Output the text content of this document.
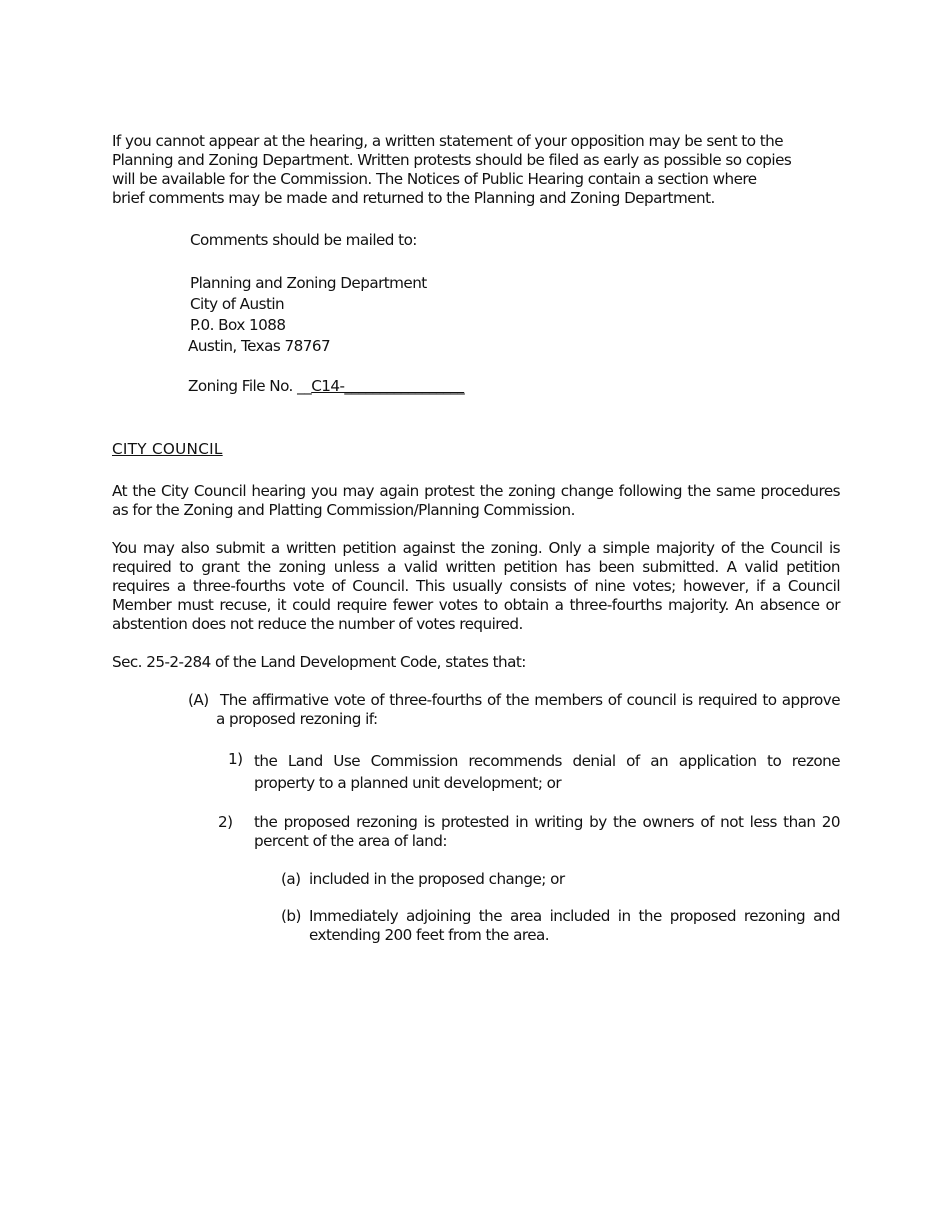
If you cannot appear at the hearing, a written statement of your opposition may be sent to the
Planning and Zoning Department. Written protests should be filed as early as possible so copies
will be available for the Commission. The Notices of Public Hearing contain a section where
brief comments may be made and returned to the Planning and Zoning Department.
Comments should be mailed to:
Planning and Zoning Department
City of Austin
P.0. Box 1088
Austin, Texas 78767
Zoning File No. __C14-_________________
CITY COUNCIL
At the City Council hearing you may again protest the zoning change following the same procedures as for the Zoning and Platting Commission/Planning Commission.
You may also submit a written petition against the zoning. Only a simple majority of the Council is required to grant the zoning unless a valid written petition has been submitted. A valid petition requires a three-fourths vote of Council. This usually consists of nine votes; however, if a Council Member must recuse, it could require fewer votes to obtain a three-fourths majority. An absence or abstention does not reduce the number of votes required.
Sec. 25-2-284 of the Land Development Code, states that:
(A) The affirmative vote of three-fourths of the members of council is required to approve a proposed rezoning if:
1) the Land Use Commission recommends denial of an application to rezone property to a planned unit development; or
2) the proposed rezoning is protested in writing by the owners of not less than 20 percent of the area of land:
(a) included in the proposed change; or
(b) Immediately adjoining the area included in the proposed rezoning and extending 200 feet from the area.
